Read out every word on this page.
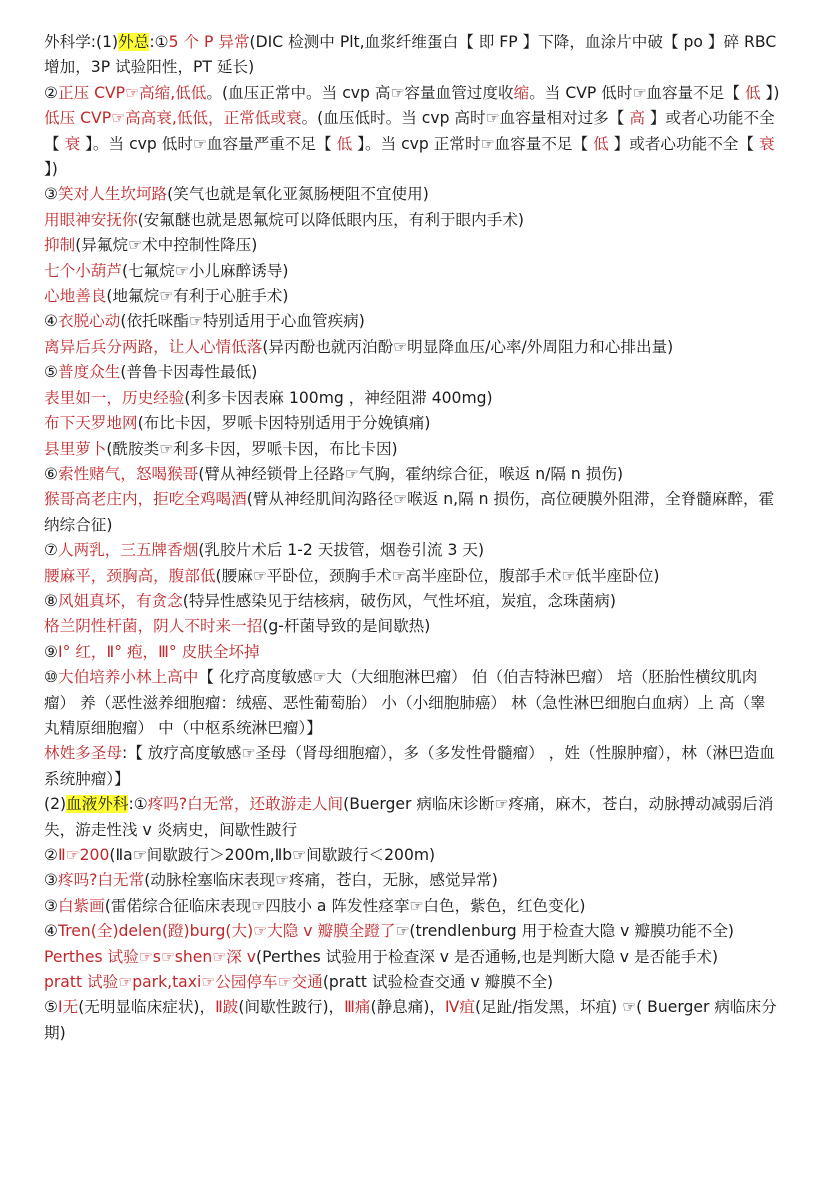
外科学:(1)外总:①5 个 P 异常(DIC 检测中 Plt,血浆纤维蛋白【 即 FP 】下降，血涂片中破【 po 】碎 RBC 增加，3P 试验阳性，PT 延长)
②正压 CVP☞高缩,低低。(血压正常中。当 cvp 高☞容量血管过度收缩。当 CVP 低时☞血容量不足【 低 】)
低压 CVP☞高高衰,低低，正常低或衰。(血压低时。当 cvp 高时☞血容量相对过多【 高 】或者心功能不全【 衰 】。当 cvp 低时☞血容量严重不足【 低 】。当 cvp 正常时☞血容量不足【 低 】或者心功能不全【 衰 】)
③笑对人生坎坷路(笑气也就是氧化亚氮肠梗阻不宜使用)
用眼神安抚你(安氟醚也就是恩氟烷可以降低眼内压，有利于眼内手术)
抑制(异氟烷☞术中控制性降压)
七个小葫芦(七氟烷☞小儿麻醉诱导)
心地善良(地氟烷☞有利于心脏手术)
④衣脱心动(依托咪酯☞特别适用于心血管疾病)
离异后兵分两路，让人心情低落(异丙酚也就丙泊酚☞明显降血压/心率/外周阻力和心排出量)
⑤普度众生(普鲁卡因毒性最低)
表里如一，历史经验(利多卡因表麻 100mg ，神经阻滞 400mg)
布下天罗地网(布比卡因，罗哌卡因特别适用于分娩镇痛)
县里萝卜(酰胺类☞利多卡因，罗哌卡因，布比卡因)
⑥索性赌气，怒喝猴哥(臂从神经锁骨上径路☞气胸，霍纳综合征，喉返 n/隔 n 损伤)
猴哥高老庄内，拒吃全鸡喝酒(臂从神经肌间沟路径☞喉返 n,隔 n 损伤，高位硬膜外阻滞，全脊髓麻醉，霍纳综合征)
⑦人两乳，三五牌香烟(乳胶片术后 1-2 天拔管，烟卷引流 3 天)
腰麻平，颈胸高，腹部低(腰麻☞平卧位，颈胸手术☞高半座卧位，腹部手术☞低半座卧位)
⑧风姐真坏，有贪念(特异性感染见于结核病，破伤风，气性坏疽，炭疽，念珠菌病)
格兰阴性杆菌，阴人不时来一招(g-杆菌导致的是间歇热)
⑨Ⅰ° 红，Ⅱ° 疱，Ⅲ° 皮肤全坏掉
⑩大伯培养小林上高中【 化疗高度敏感☞大（大细胞淋巴瘤） 伯（伯吉特淋巴瘤） 培（胚胎性横纹肌肉瘤） 养（恶性滋养细胞瘤：绒癌、恶性葡萄胎） 小（小细胞肺癌） 林（急性淋巴细胞白血病）上 高（睾丸精原细胞瘤） 中（中枢系统淋巴瘤）】
林姓多圣母:【 放疗高度敏感☞圣母（肾母细胞瘤），多（多发性骨髓瘤） ，姓（性腺肿瘤），林（淋巴造血系统肿瘤）】
(2)血液外科:①疼吗?白无常，还敢游走人间(Buerger 病临床诊断☞疼痛，麻木，苍白，动脉搏动减弱后消失，游走性浅 v 炎病史，间歇性跛行
②Ⅱ☞200(Ⅱa☞间歇跛行＞200m,Ⅱb☞间歇跛行＜200m)
③疼吗?白无常(动脉栓塞临床表现☞疼痛，苍白，无脉，感觉异常)
③白紫画(雷偌综合征临床表现☞四肢小 a 阵发性痉挛☞白色，紫色，红色变化)
④Tren(全)delen(蹬)burg(大)☞大隐 v 瓣膜全蹬了☞(trendlenburg 用于检查大隐 v 瓣膜功能不全)
Perthes 试验☞s☞shen☞深 v(Perthes 试验用于检查深 v 是否通畅,也是判断大隐 v 是否能手术)
pratt 试验☞park,taxi☞公园停车☞交通(pratt 试验检查交通 v 瓣膜不全)
⑤Ⅰ无(无明显临床症状)，Ⅱ跛(间歇性跛行)，Ⅲ痛(静息痛)，Ⅳ疽(足趾/指发黑，坏疽) ☞( Buerger 病临床分期)
